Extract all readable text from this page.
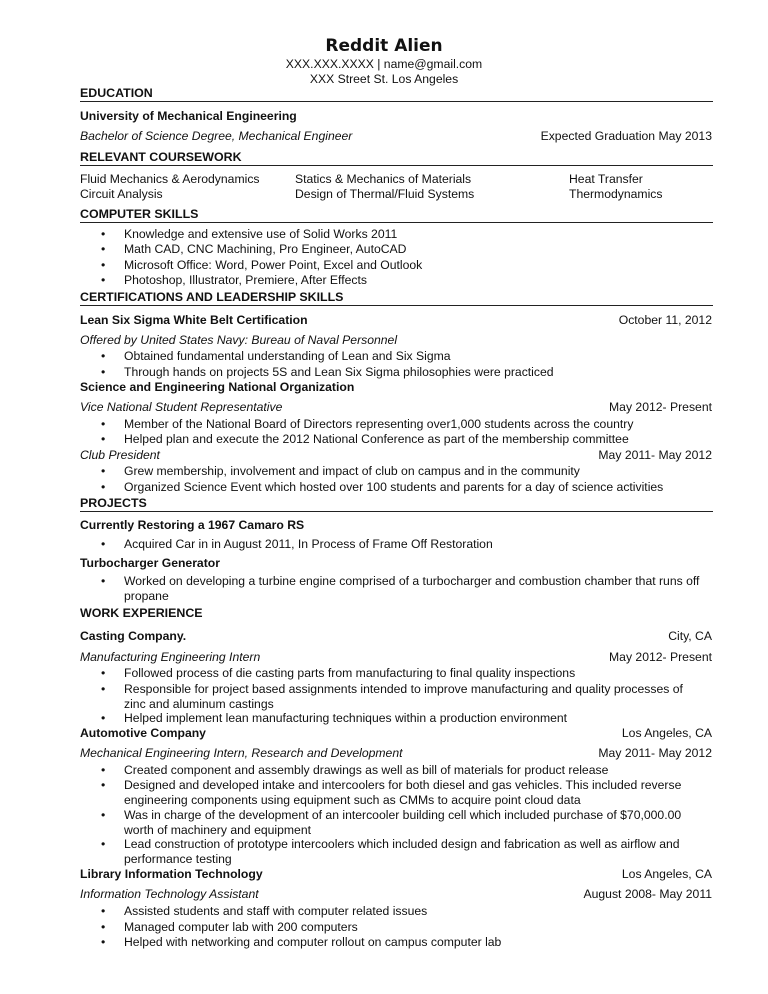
Reddit Alien
XXX.XXX.XXXX | name@gmail.com
XXX Street St. Los Angeles
EDUCATION
University of Mechanical Engineering
Bachelor of Science Degree, Mechanical Engineer	Expected Graduation May 2013
RELEVANT COURSEWORK
Fluid Mechanics & Aerodynamics	Statics & Mechanics of Materials	Heat Transfer
Circuit Analysis	Design of Thermal/Fluid Systems	Thermodynamics
COMPUTER SKILLS
• Knowledge and extensive use of Solid Works 2011
• Math CAD, CNC Machining, Pro Engineer, AutoCAD
• Microsoft Office: Word, Power Point, Excel and Outlook
• Photoshop, Illustrator, Premiere, After Effects
CERTIFICATIONS AND LEADERSHIP SKILLS
Lean Six Sigma White Belt Certification	October 11, 2012
Offered by United States Navy: Bureau of Naval Personnel
• Obtained fundamental understanding of Lean and Six Sigma
• Through hands on projects 5S and Lean Six Sigma philosophies were practiced
Science and Engineering National Organization
Vice National Student Representative	May 2012- Present
• Member of the National Board of Directors representing over1,000 students across the country
• Helped plan and execute the 2012 National Conference as part of the membership committee
Club President	May 2011- May 2012
• Grew membership, involvement and impact of club on campus and in the community
• Organized Science Event which hosted over 100 students and parents for a day of science activities
PROJECTS
Currently Restoring a 1967 Camaro RS
• Acquired Car in in August 2011, In Process of Frame Off Restoration
Turbocharger Generator
• Worked on developing a turbine engine comprised of a turbocharger and combustion chamber that runs off propane
WORK EXPERIENCE
Casting Company.	City, CA
Manufacturing Engineering Intern	May 2012- Present
• Followed process of die casting parts from manufacturing to final quality inspections
• Responsible for project based assignments intended to improve manufacturing and quality processes of zinc and aluminum castings
• Helped implement lean manufacturing techniques within a production environment
Automotive Company	Los Angeles, CA
Mechanical Engineering Intern, Research and Development	May 2011- May 2012
• Created component and assembly drawings as well as bill of materials for product release
• Designed and developed intake and intercoolers for both diesel and gas vehicles. This included reverse engineering components using equipment such as CMMs to acquire point cloud data
• Was in charge of the development of an intercooler building cell which included purchase of $70,000.00 worth of machinery and equipment
• Lead construction of prototype intercoolers which included design and fabrication as well as airflow and performance testing
Library Information Technology	Los Angeles, CA
Information Technology Assistant	August 2008- May 2011
• Assisted students and staff with computer related issues
• Managed computer lab with 200 computers
• Helped with networking and computer rollout on campus computer lab
